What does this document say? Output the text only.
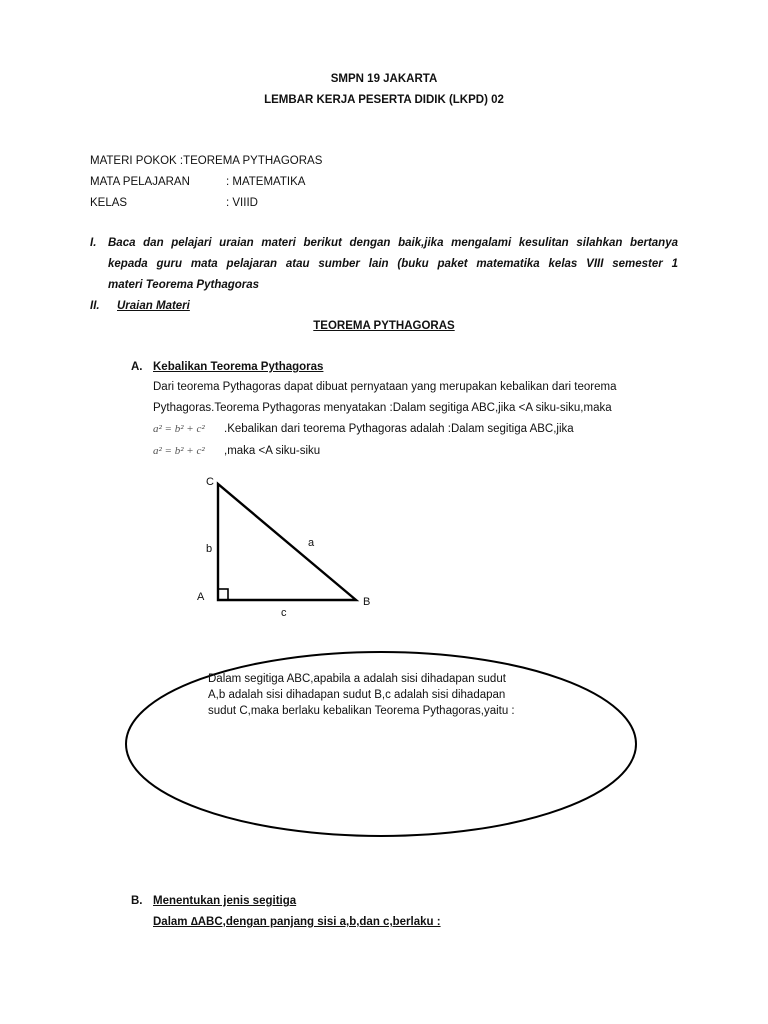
SMPN 19 JAKARTA
LEMBAR KERJA PESERTA DIDIK (LKPD) 02
MATERI POKOK :TEOREMA PYTHAGORAS
MATA PELAJARAN	: MATEMATIKA
KELAS	: VIIID
I. Baca dan pelajari uraian materi berikut dengan baik,jika mengalami kesulitan silahkan bertanya
kepada guru mata pelajaran atau sumber lain (buku paket matematika kelas VIII semester 1
materi Teorema Pythagoras
II. Uraian Materi
TEOREMA PYTHAGORAS
A. Kebalikan Teorema Pythagoras
Dari teorema Pythagoras dapat dibuat pernyataan yang merupakan kebalikan dari teorema
Pythagoras.Teorema Pythagoras menyatakan :Dalam segitiga ABC,jika <A siku-siku,maka
a² = b² + c² .Kebalikan dari teorema Pythagoras adalah :Dalam segitiga ABC,jika
a² = b² + c² ,maka <A siku-siku
C
b	a
A	B
c
Dalam segitiga ABC,apabila a adalah sisi dihadapan sudut
A,b adalah sisi dihadapan sudut B,c adalah sisi dihadapan
sudut C,maka berlaku kebalikan Teorema Pythagoras,yaitu :
B. Menentukan jenis segitiga
Dalam ∆ABC,dengan panjang sisi a,b,dan c,berlaku :
